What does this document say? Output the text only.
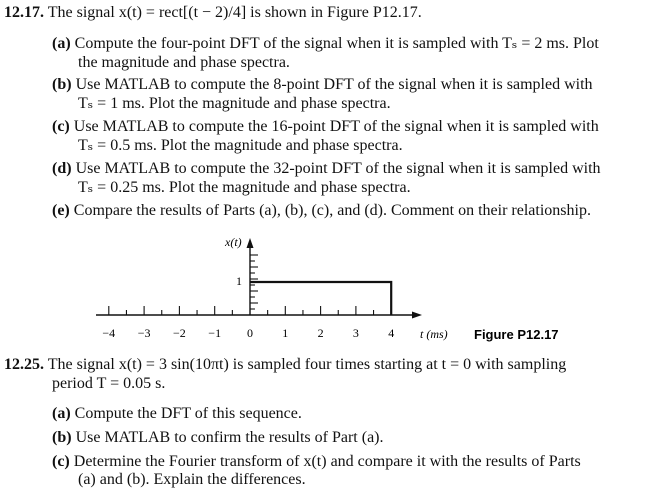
12.17. The signal x(t) = rect[(t − 2)/4] is shown in Figure P12.17.
(a) Compute the four-point DFT of the signal when it is sampled with Tₛ = 2 ms. Plot
the magnitude and phase spectra.
(b) Use MATLAB to compute the 8-point DFT of the signal when it is sampled with
Tₛ = 1 ms. Plot the magnitude and phase spectra.
(c) Use MATLAB to compute the 16-point DFT of the signal when it is sampled with
Tₛ = 0.5 ms. Plot the magnitude and phase spectra.
(d) Use MATLAB to compute the 32-point DFT of the signal when it is sampled with
Tₛ = 0.25 ms. Plot the magnitude and phase spectra.
(e) Compare the results of Parts (a), (b), (c), and (d). Comment on their relationship.
x(t)
1
−4 −3 −2 −1 0 1 2 3 4 t (ms) Figure P12.17
12.25. The signal x(t) = 3 sin(10πt) is sampled four times starting at t = 0 with sampling
period T = 0.05 s.
(a) Compute the DFT of this sequence.
(b) Use MATLAB to confirm the results of Part (a).
(c) Determine the Fourier transform of x(t) and compare it with the results of Parts
(a) and (b). Explain the differences.
